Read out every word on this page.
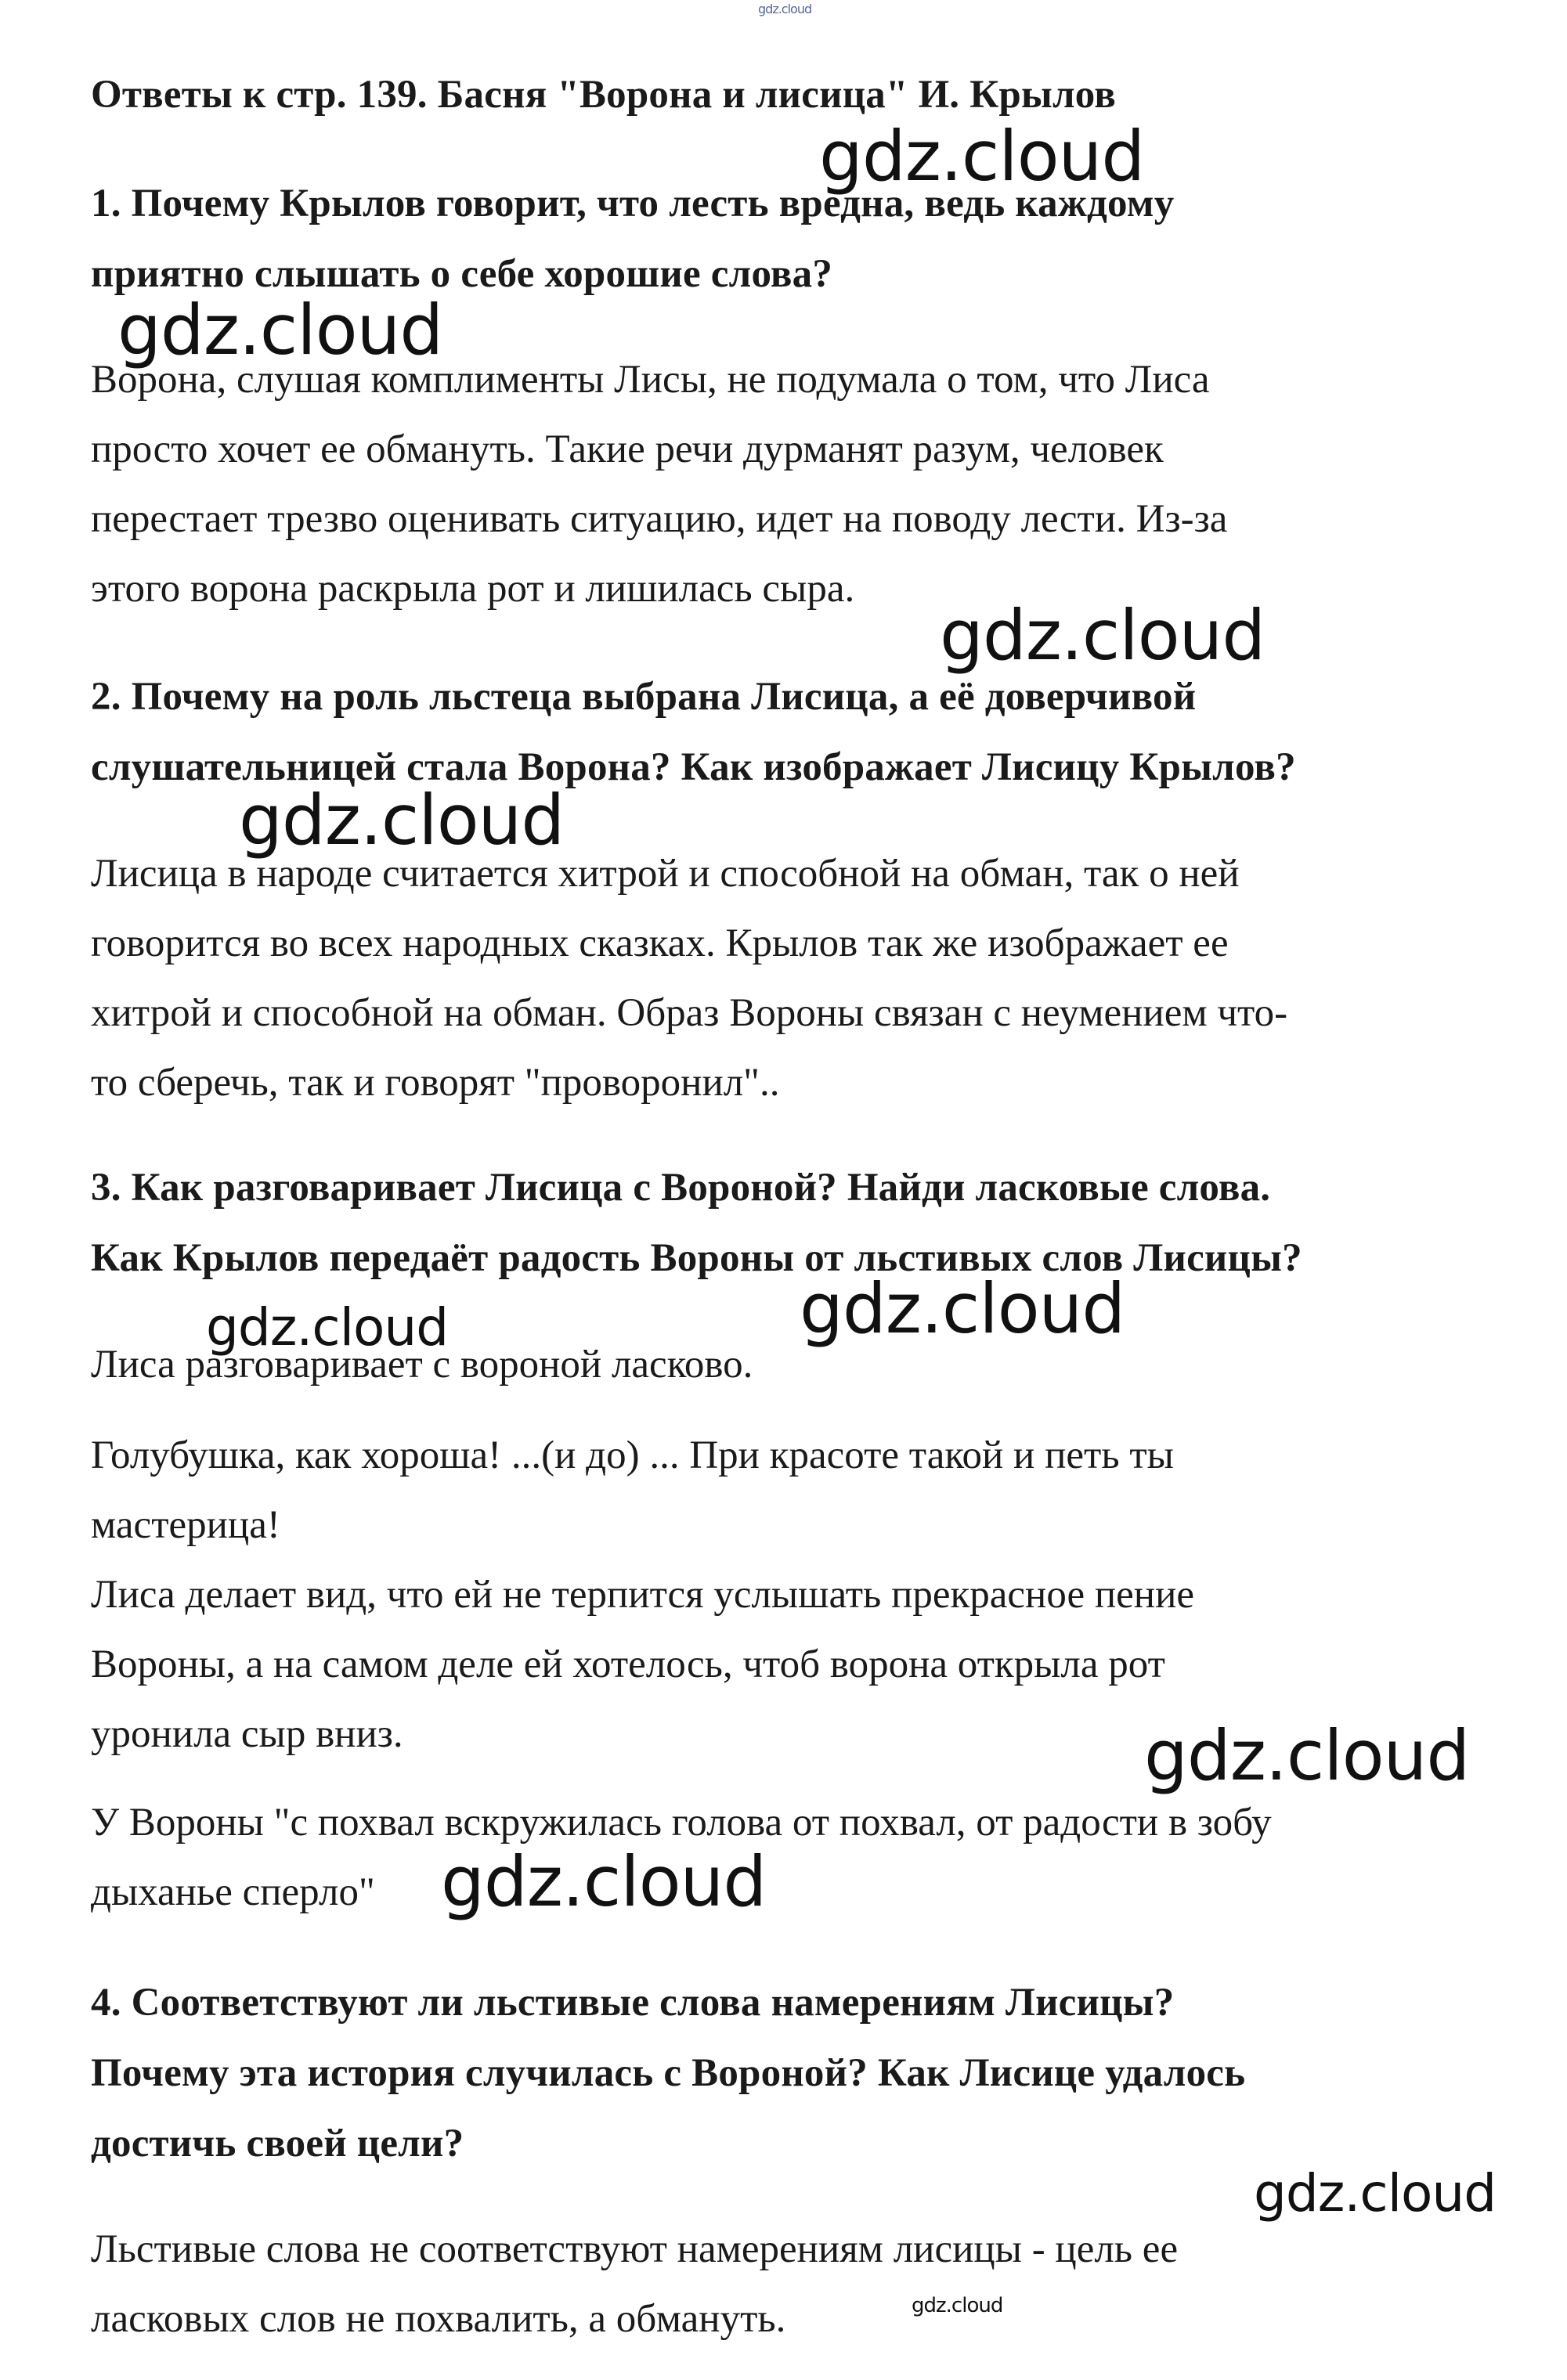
gdz.cloud
Ответы к стр. 139. Басня "Ворона и лисица" И. Крылов
1. Почему Крылов говорит, что лесть вредна, ведь каждому
приятно слышать о себе хорошие слова?
Ворона, слушая комплименты Лисы, не подумала о том, что Лиса
просто хочет ее обмануть. Такие речи дурманят разум, человек
перестает трезво оценивать ситуацию, идет на поводу лести. Из-за
этого ворона раскрыла рот и лишилась сыра.
2. Почему на роль льстеца выбрана Лисица, а её доверчивой
слушательницей стала Ворона? Как изображает Лисицу Крылов?
Лисица в народе считается хитрой и способной на обман, так о ней
говорится во всех народных сказках. Крылов так же изображает ее
хитрой и способной на обман. Образ Вороны связан с неумением что-
то сберечь, так и говорят "проворонил"..
3. Как разговаривает Лисица с Вороной? Найди ласковые слова.
Как Крылов передаёт радость Вороны от льстивых слов Лисицы?
Лиса разговаривает с вороной ласково.
Голубушка, как хороша! ...(и до) ... При красоте такой и петь ты
мастерица!
Лиса делает вид, что ей не терпится услышать прекрасное пение
Вороны, а на самом деле ей хотелось, чтоб ворона открыла рот
уронила сыр вниз.
У Вороны "с похвал вскружилась голова от похвал, от радости в зобу
дыханье сперло"
4. Соответствуют ли льстивые слова намерениям Лисицы?
Почему эта история случилась с Вороной? Как Лисице удалось
достичь своей цели?
Льстивые слова не соответствуют намерениям лисицы - цель ее
ласковых слов не похвалить, а обмануть.
gdz.cloud
gdz.cloud
gdz.cloud
gdz.cloud
gdz.cloud	gdz.cloud
gdz.cloud
gdz.cloud
gdz.cloud
gdz.cloud
